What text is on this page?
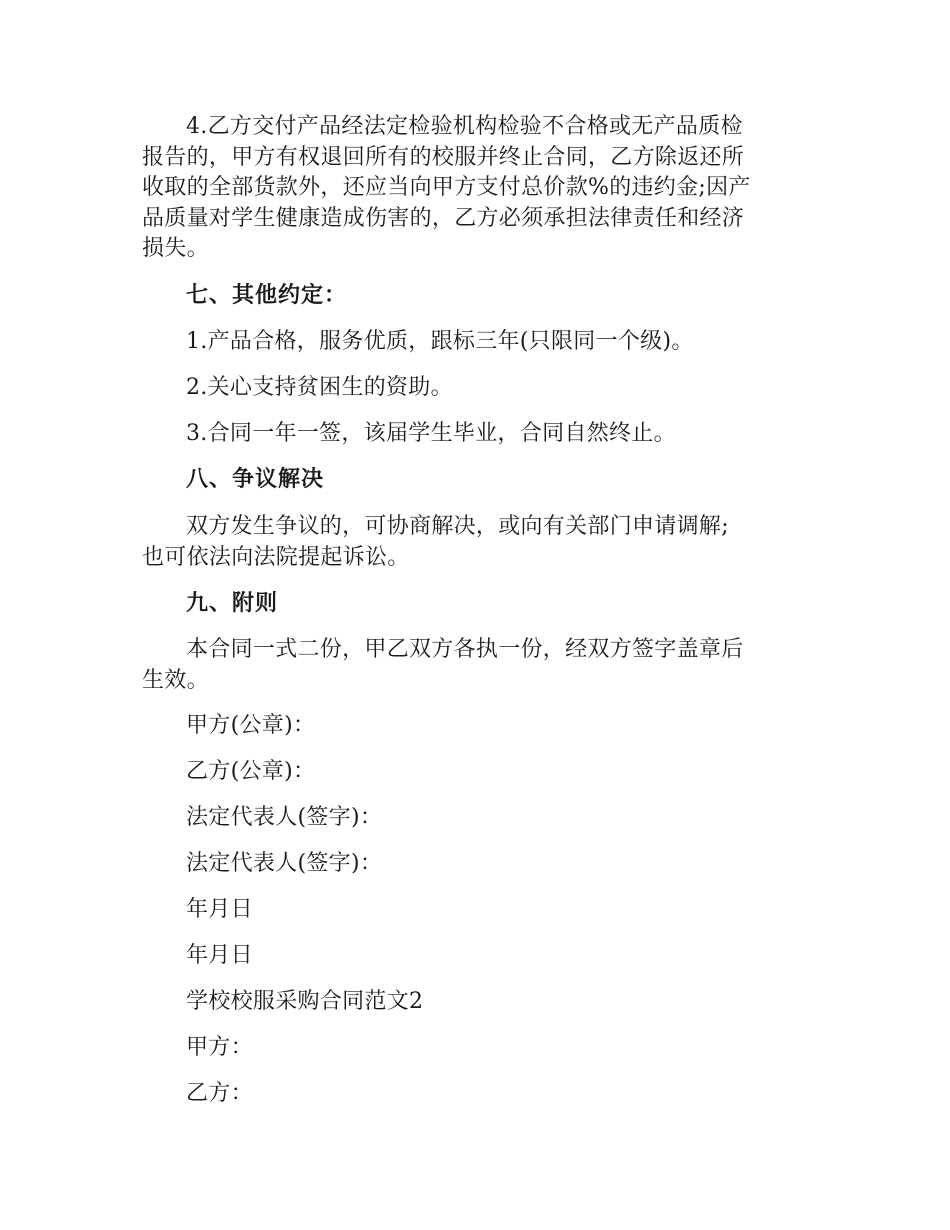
4.乙方交付产品经法定检验机构检验不合格或无产品质检
报告的，甲方有权退回所有的校服并终止合同，乙方除返还所
收取的全部货款外，还应当向甲方支付总价款%的违约金;因产
品质量对学生健康造成伤害的，乙方必须承担法律责任和经济
损失。
七、其他约定：
1.产品合格，服务优质，跟标三年(只限同一个级)。
2.关心支持贫困生的资助。
3.合同一年一签，该届学生毕业，合同自然终止。
八、争议解决
双方发生争议的，可协商解决，或向有关部门申请调解;
也可依法向法院提起诉讼。
九、附则
本合同一式二份，甲乙双方各执一份，经双方签字盖章后
生效。
甲方(公章)：
乙方(公章)：
法定代表人(签字)：
法定代表人(签字)：
年月日
年月日
学校校服采购合同范文2
甲方：
乙方：
